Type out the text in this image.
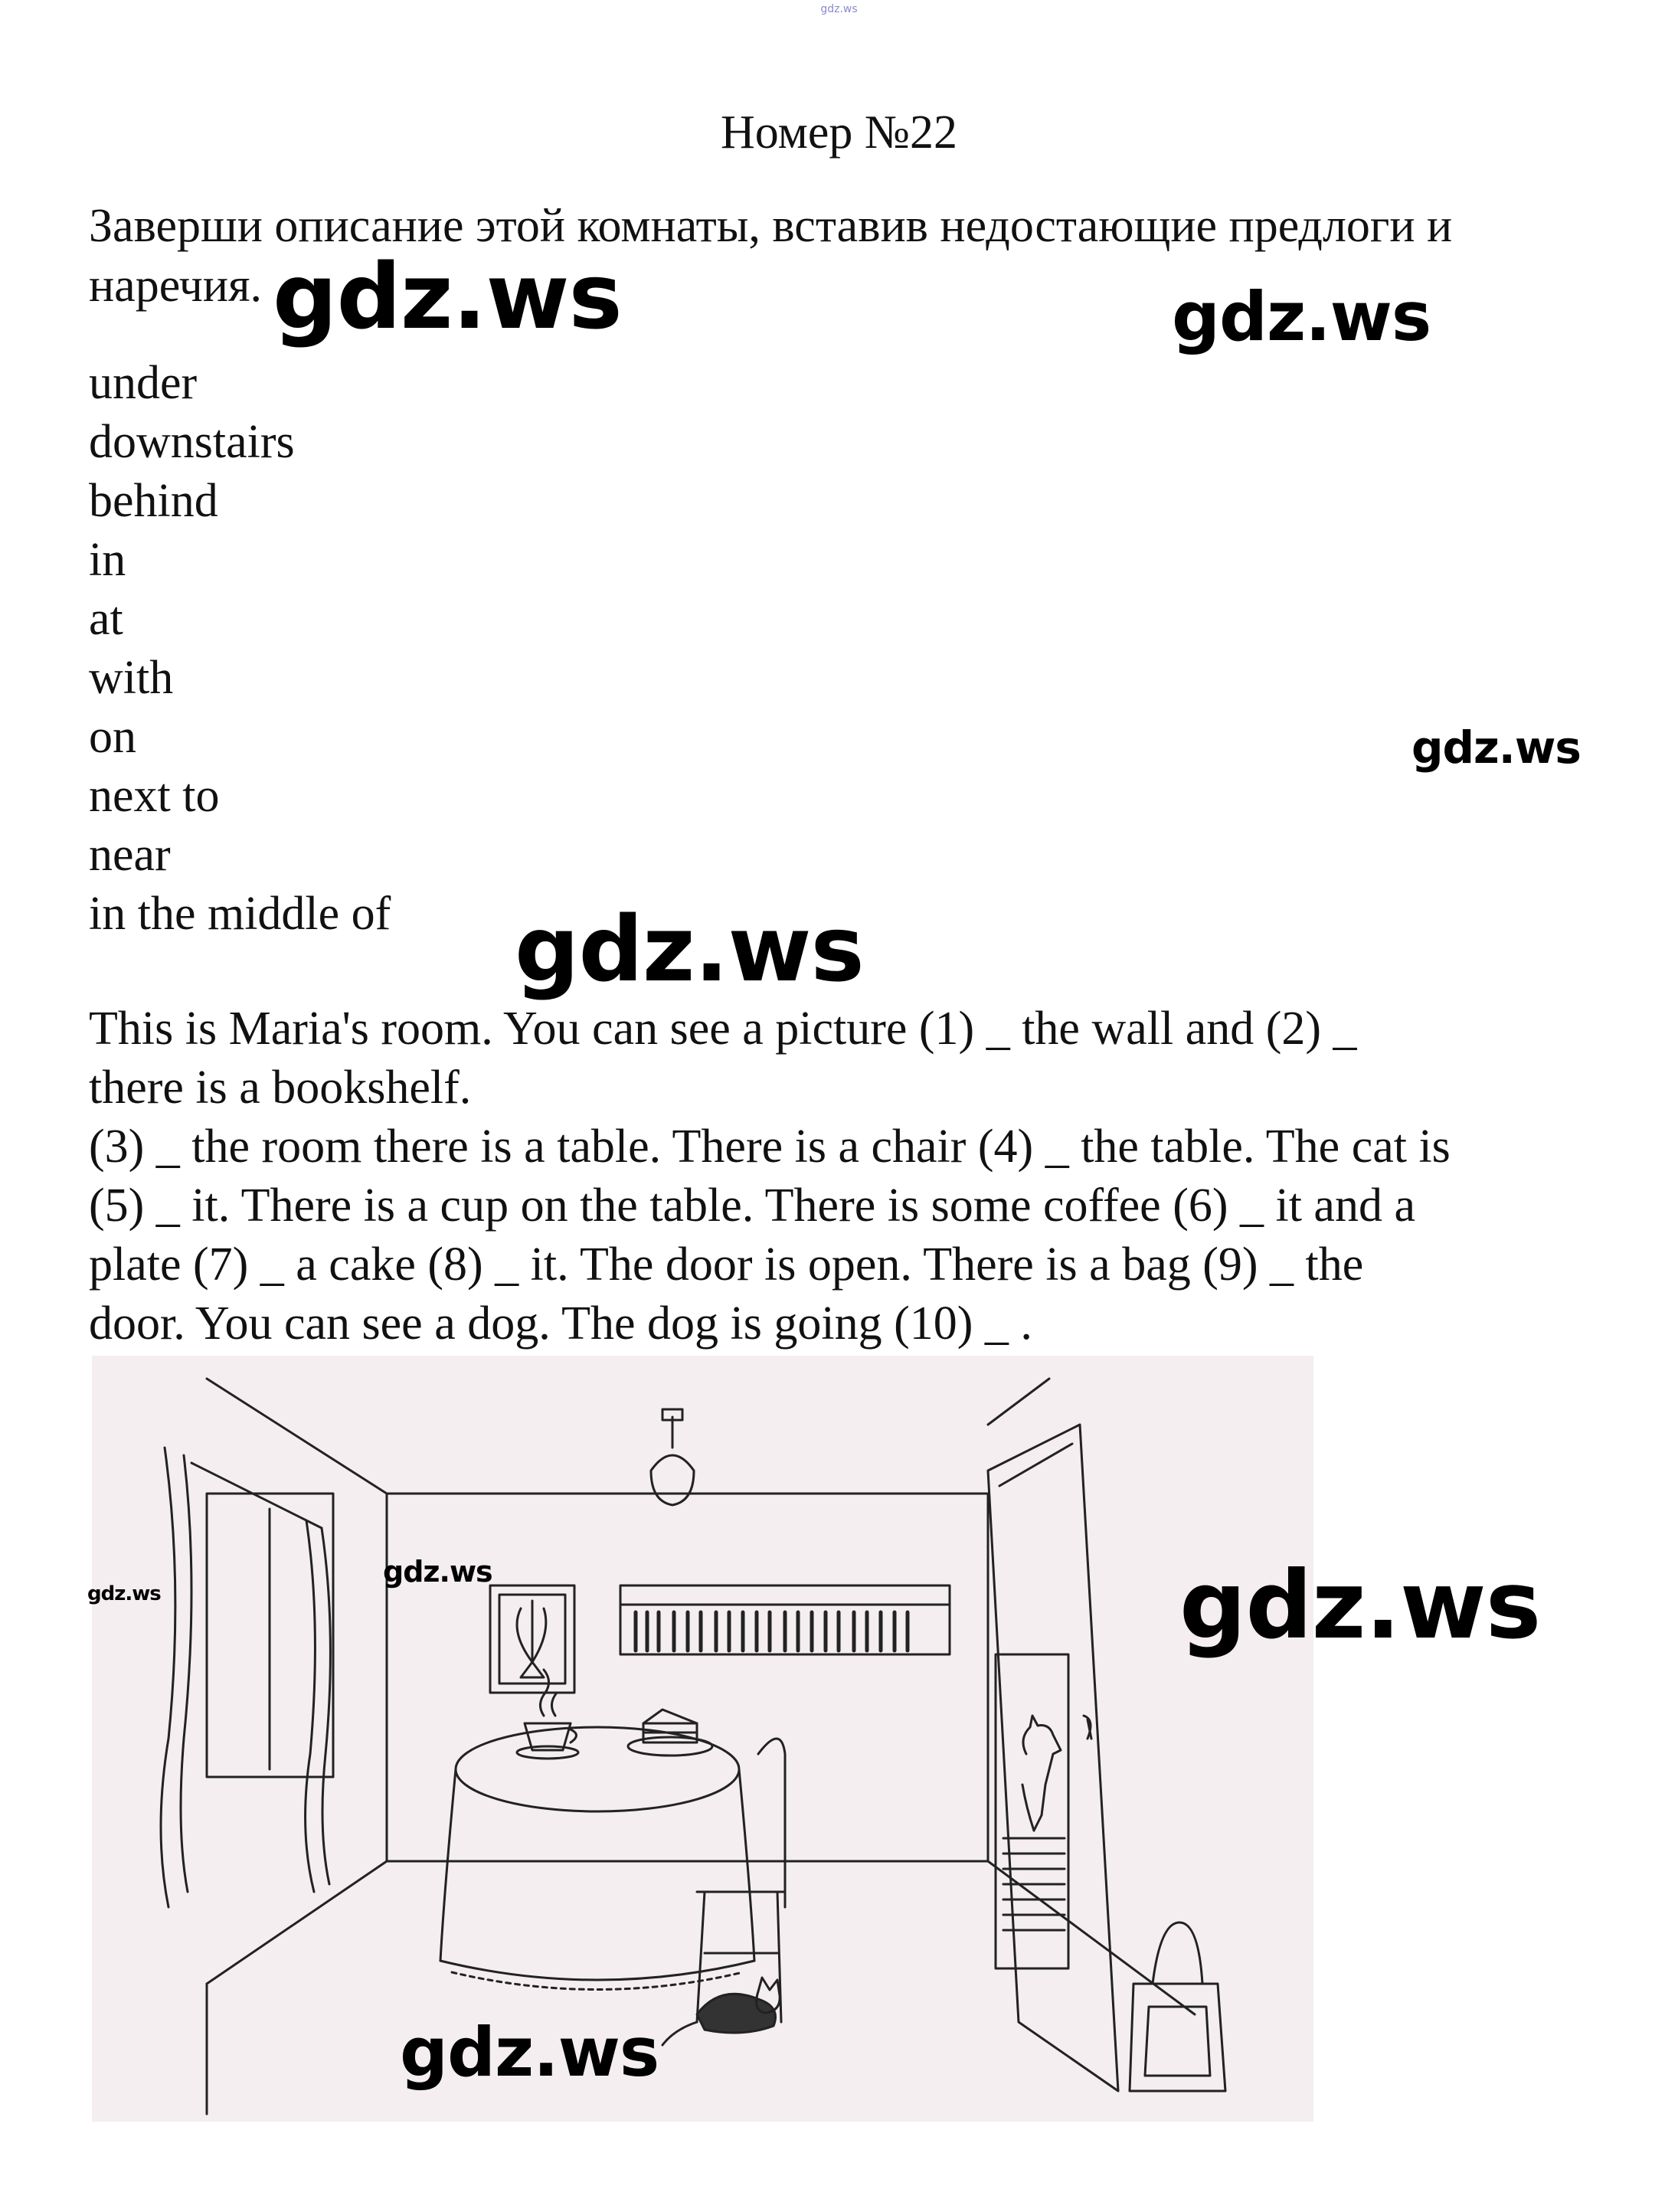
gdz.ws
Номер №22
Заверши описание этой комнаты, вставив недостающие предлоги и наречия.
under
downstairs
behind
in
at
with
on
next to
near
in the middle of

This is Maria's room. You can see a picture (1) _ the wall and (2) _

there is a bookshelf.

(3) _ the room there is a table. There is a chair (4) _ the table. The cat is

(5) _ it. There is a cup on the table. There is some coffee (6) _ it and a

plate (7) _ a cake (8) _ it. The door is open. There is a bag (9) _ the

door. You can see a dog. The dog is going (10) _ .

gdz.ws	gdz.ws
gdz.ws
gdz.ws
gdz.ws
gdz.ws	gdz.ws
gdz.ws
